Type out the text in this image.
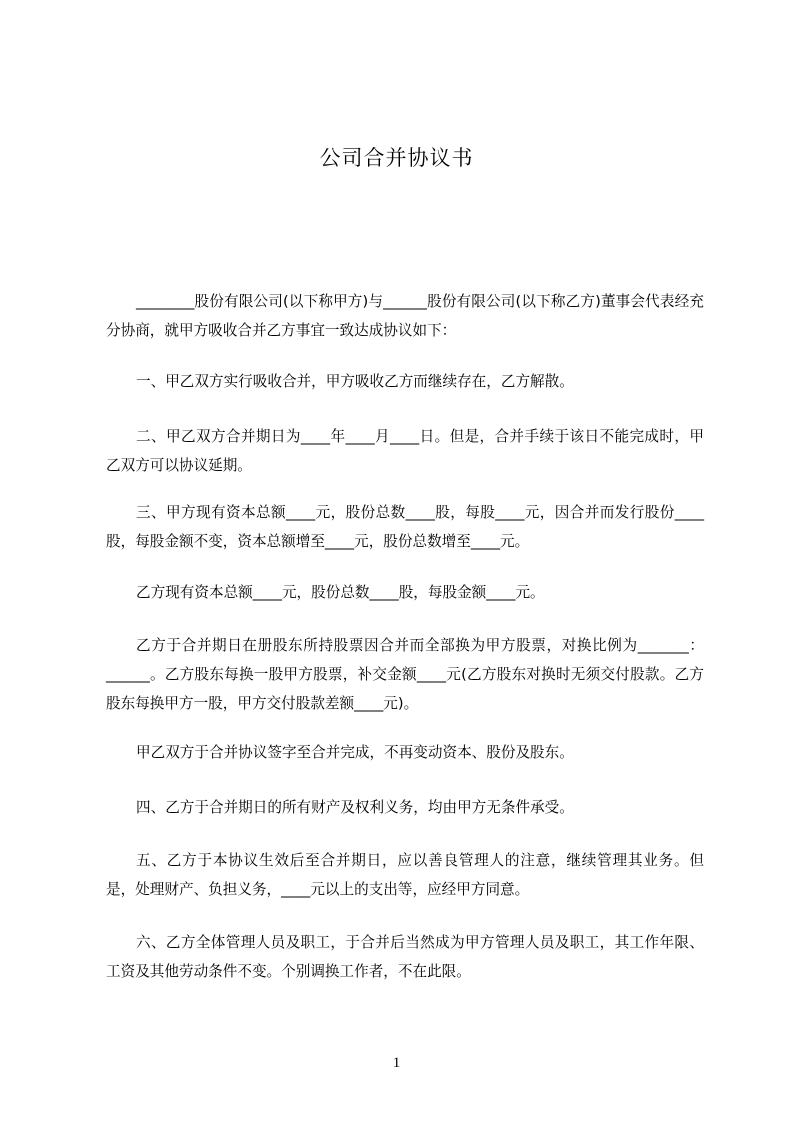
公司合并协议书
________股份有限公司(以下称甲方)与______股份有限公司(以下称乙方)董事会代表经充分协商，就甲方吸收合并乙方事宜一致达成协议如下：
一、甲乙双方实行吸收合并，甲方吸收乙方而继续存在，乙方解散。
二、甲乙双方合并期日为____年____月____日。但是，合并手续于该日不能完成时，甲乙双方可以协议延期。
三、甲方现有资本总额____元，股份总数____股，每股____元，因合并而发行股份____股，每股金额不变，资本总额增至____元，股份总数增至____元。
乙方现有资本总额____元，股份总数____股，每股金额____元。
乙方于合并期日在册股东所持股票因合并而全部换为甲方股票，对换比例为_______：______。乙方股东每换一股甲方股票，补交金额____元(乙方股东对换时无须交付股款。乙方股东每换甲方一股，甲方交付股款差额____元)。
甲乙双方于合并协议签字至合并完成，不再变动资本、股份及股东。
四、乙方于合并期日的所有财产及权利义务，均由甲方无条件承受。
五、乙方于本协议生效后至合并期日，应以善良管理人的注意，继续管理其业务。但是，处理财产、负担义务，____元以上的支出等，应经甲方同意。
六、乙方全体管理人员及职工，于合并后当然成为甲方管理人员及职工，其工作年限、工资及其他劳动条件不变。个别调换工作者，不在此限。
1
